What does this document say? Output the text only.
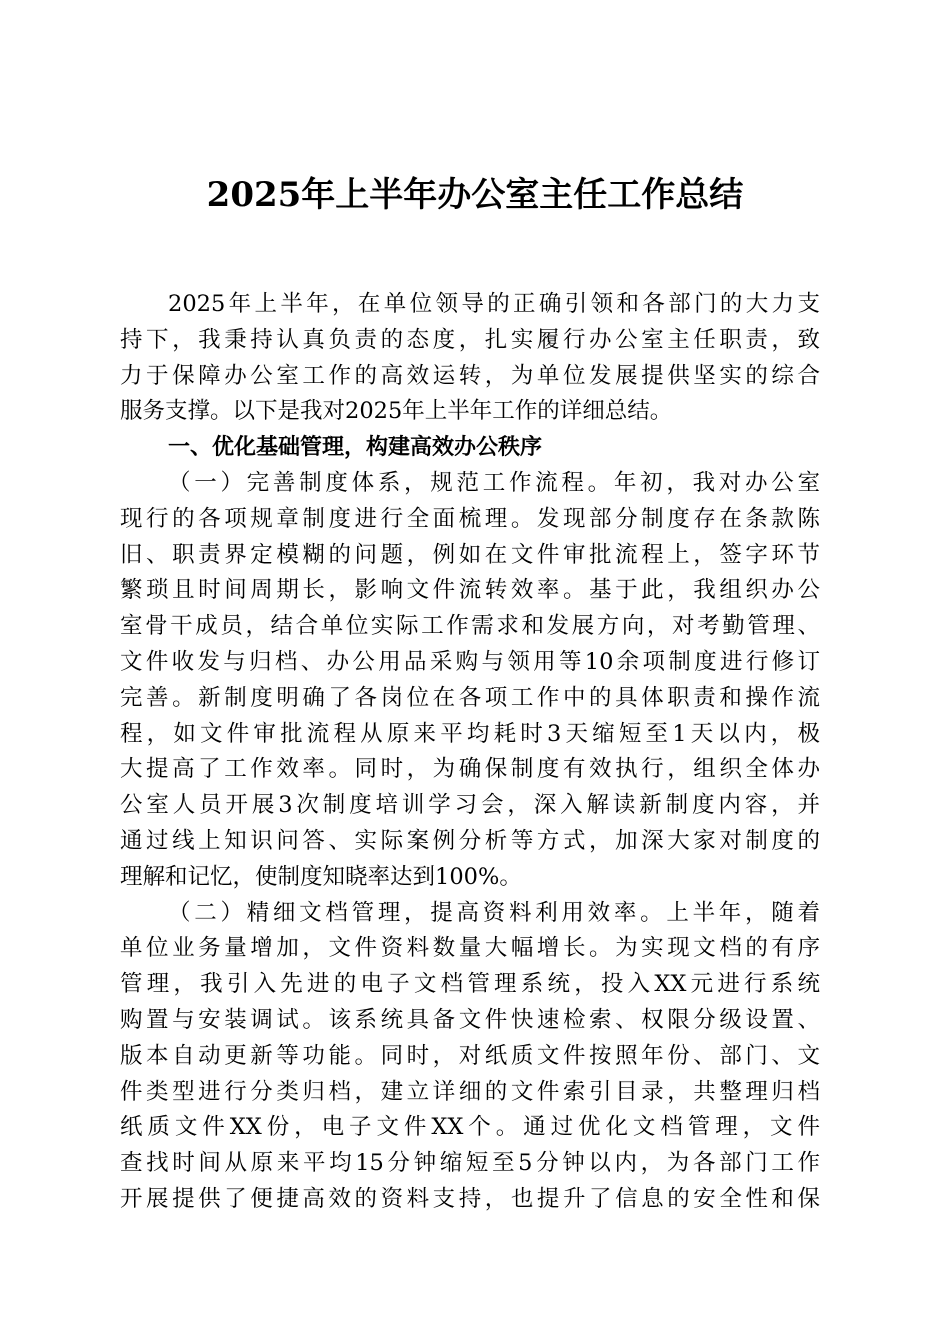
2025年上半年办公室主任工作总结
2025年上半年，在单位领导的正确引领和各部门的大力支
持下，我秉持认真负责的态度，扎实履行办公室主任职责，致
力于保障办公室工作的高效运转，为单位发展提供坚实的综合
服务支撑。以下是我对2025年上半年工作的详细总结。
一、优化基础管理，构建高效办公秩序
（一）完善制度体系，规范工作流程。年初，我对办公室
现行的各项规章制度进行全面梳理。发现部分制度存在条款陈
旧、职责界定模糊的问题，例如在文件审批流程上，签字环节
繁琐且时间周期长，影响文件流转效率。基于此，我组织办公
室骨干成员，结合单位实际工作需求和发展方向，对考勤管理、
文件收发与归档、办公用品采购与领用等10余项制度进行修订
完善。新制度明确了各岗位在各项工作中的具体职责和操作流
程，如文件审批流程从原来平均耗时3天缩短至1天以内，极
大提高了工作效率。同时，为确保制度有效执行，组织全体办
公室人员开展3次制度培训学习会，深入解读新制度内容，并
通过线上知识问答、实际案例分析等方式，加深大家对制度的
理解和记忆，使制度知晓率达到100%。
（二）精细文档管理，提高资料利用效率。上半年，随着
单位业务量增加，文件资料数量大幅增长。为实现文档的有序
管理，我引入先进的电子文档管理系统，投入XX元进行系统
购置与安装调试。该系统具备文件快速检索、权限分级设置、
版本自动更新等功能。同时，对纸质文件按照年份、部门、文
件类型进行分类归档，建立详细的文件索引目录，共整理归档
纸质文件XX份，电子文件XX个。通过优化文档管理，文件
查找时间从原来平均15分钟缩短至5分钟以内，为各部门工作
开展提供了便捷高效的资料支持，也提升了信息的安全性和保
